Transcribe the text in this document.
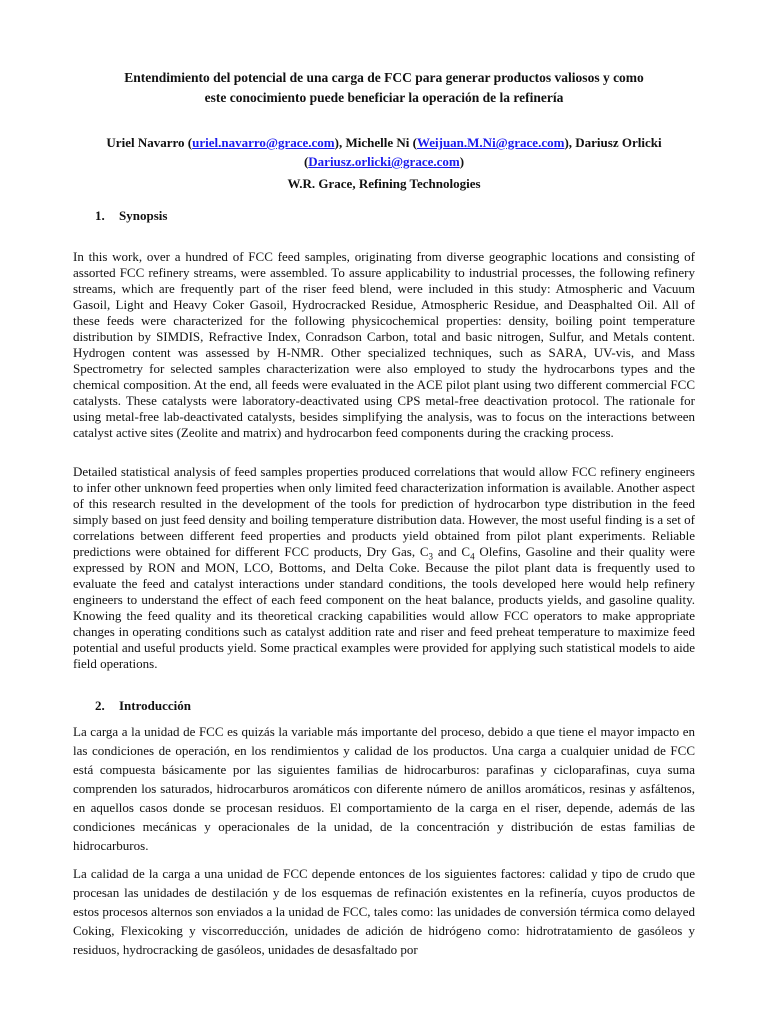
Entendimiento del potencial de una carga de FCC para generar productos valiosos y como
este conocimiento puede beneficiar la operación de la refinería
Uriel Navarro (uriel.navarro@grace.com), Michelle Ni (Weijuan.M.Ni@grace.com), Dariusz Orlicki
(Dariusz.orlicki@grace.com)
W.R. Grace, Refining Technologies
1. Synopsis

In this work, over a hundred of FCC feed samples, originating from diverse geographic locations and consisting of assorted FCC refinery streams, were assembled. To assure applicability to industrial processes, the following refinery streams, which are frequently part of the riser feed blend, were included in this study: Atmospheric and Vacuum Gasoil, Light and Heavy Coker Gasoil, Hydrocracked Residue, Atmospheric Residue, and Deasphalted Oil. All of these feeds were characterized for the following physicochemical properties: density, boiling point temperature distribution by SIMDIS, Refractive Index, Conradson Carbon, total and basic nitrogen, Sulfur, and Metals content. Hydrogen content was assessed by H-NMR. Other specialized techniques, such as SARA, UV-vis, and Mass Spectrometry for selected samples characterization were also employed to study the hydrocarbons types and the chemical composition. At the end, all feeds were evaluated in the ACE pilot plant using two different commercial FCC catalysts. These catalysts were laboratory-deactivated using CPS metal-free deactivation protocol. The rationale for using metal-free lab-deactivated catalysts, besides simplifying the analysis, was to focus on the interactions between catalyst active sites (Zeolite and matrix) and hydrocarbon feed components during the cracking process.

Detailed statistical analysis of feed samples properties produced correlations that would allow FCC refinery engineers to infer other unknown feed properties when only limited feed characterization information is available. Another aspect of this research resulted in the development of the tools for prediction of hydrocarbon type distribution in the feed simply based on just feed density and boiling temperature distribution data. However, the most useful finding is a set of correlations between different feed properties and products yield obtained from pilot plant experiments. Reliable predictions were obtained for different FCC products, Dry Gas, $C_3$ and $C_4$ Olefins, Gasoline and their quality were expressed by RON and MON, LCO, Bottoms, and Delta Coke. Because the pilot plant data is frequently used to evaluate the feed and catalyst interactions under standard conditions, the tools developed here would help refinery engineers to understand the effect of each feed component on the heat balance, products yields, and gasoline quality. Knowing the feed quality and its theoretical cracking capabilities would allow FCC operators to make appropriate changes in operating conditions such as catalyst addition rate and riser and feed preheat temperature to maximize feed potential and useful products yield. Some practical examples were provided for applying such statistical models to aide field operations.

2. Introducción

La carga a la unidad de FCC es quizás la variable más importante del proceso, debido a que tiene el mayor impacto en las condiciones de operación, en los rendimientos y calidad de los productos. Una carga a cualquier unidad de FCC está compuesta básicamente por las siguientes familias de hidrocarburos: parafinas y cicloparafinas, cuya suma comprenden los saturados, hidrocarburos aromáticos con diferente número de anillos aromáticos, resinas y asfáltenos, en aquellos casos donde se procesan residuos. El comportamiento de la carga en el riser, depende, además de las condiciones mecánicas y operacionales de la unidad, de la concentración y distribución de estas familias de hidrocarburos.

La calidad de la carga a una unidad de FCC depende entonces de los siguientes factores: calidad y tipo de crudo que procesan las unidades de destilación y de los esquemas de refinación existentes en la refinería, cuyos productos de estos procesos alternos son enviados a la unidad de FCC, tales como: las unidades de conversión térmica como delayed Coking, Flexicoking y viscorreducción, unidades de adición de hidrógeno como: hidrotratamiento de gasóleos y residuos, hydrocracking de gasóleos, unidades de desasfaltado por
